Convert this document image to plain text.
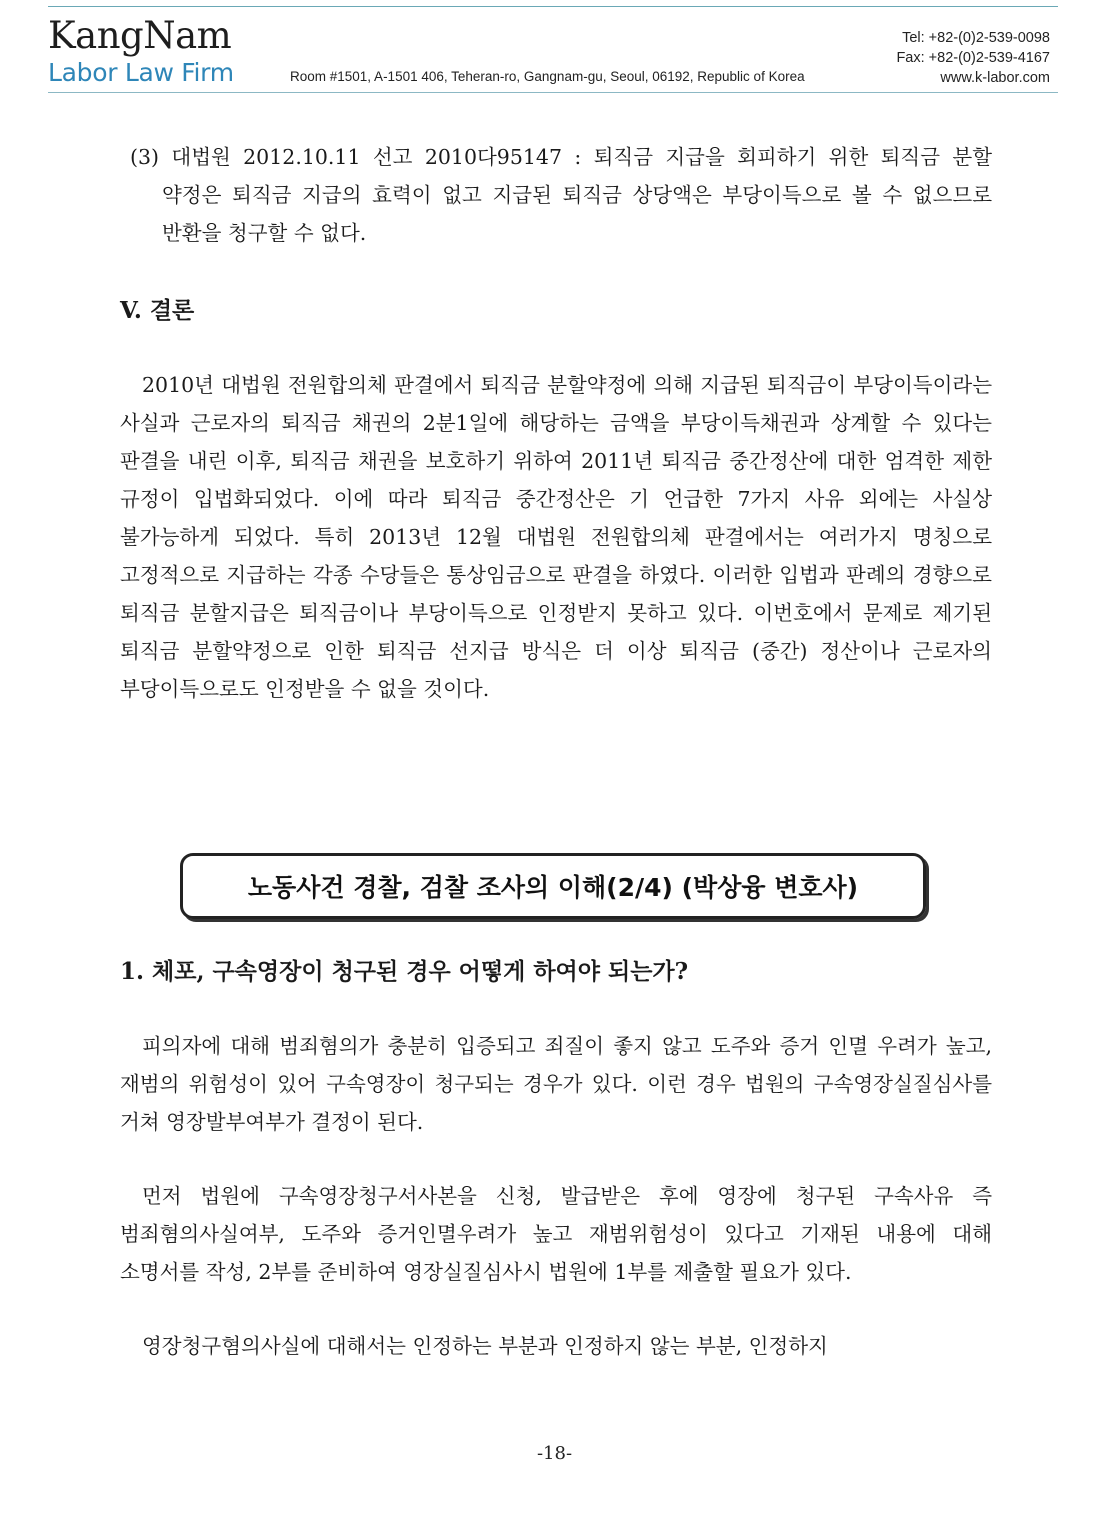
KangNam
Labor Law Firm	Room #1501, A-1501 406, Teheran-ro, Gangnam-gu, Seoul, 06192, Republic of Korea
Tel: +82-(0)2-539-0098
Fax: +82-(0)2-539-4167
www.k-labor.com

(3) 대법원 2012.10.11 선고 2010다95147 : 퇴직금 지급을 회피하기 위한 퇴직금 분할 약정은 퇴직금 지급의 효력이 없고 지급된 퇴직금 상당액은 부당이득으로 볼 수 없으므로 반환을 청구할 수 없다.

V. 결론

2010년 대법원 전원합의체 판결에서 퇴직금 분할약정에 의해 지급된 퇴직금이 부당이득이라는 사실과 근로자의 퇴직금 채권의 2분1일에 해당하는 금액을 부당이득채권과 상계할 수 있다는 판결을 내린 이후, 퇴직금 채권을 보호하기 위하여 2011년 퇴직금 중간정산에 대한 엄격한 제한 규정이 입법화되었다. 이에 따라 퇴직금 중간정산은 기 언급한 7가지 사유 외에는 사실상 불가능하게 되었다. 특히 2013년 12월 대법원 전원합의체 판결에서는 여러가지 명칭으로 고정적으로 지급하는 각종 수당들은 통상임금으로 판결을 하였다. 이러한 입법과 판례의 경향으로 퇴직금 분할지급은 퇴직금이나 부당이득으로 인정받지 못하고 있다. 이번호에서 문제로 제기된 퇴직금 분할약정으로 인한 퇴직금 선지급 방식은 더 이상 퇴직금 (중간) 정산이나 근로자의 부당이득으로도 인정받을 수 없을 것이다.

노동사건 경찰, 검찰 조사의 이해(2/4) (박상융 변호사)
1. 체포, 구속영장이 청구된 경우 어떻게 하여야 되는가?

피의자에 대해 범죄혐의가 충분히 입증되고 죄질이 좋지 않고 도주와 증거 인멸 우려가 높고, 재범의 위험성이 있어 구속영장이 청구되는 경우가 있다. 이런 경우 법원의 구속영장실질심사를 거쳐 영장발부여부가 결정이 된다.

먼저 법원에 구속영장청구서사본을 신청, 발급받은 후에 영장에 청구된 구속사유 즉 범죄혐의사실여부, 도주와 증거인멸우려가 높고 재범위험성이 있다고 기재된 내용에 대해 소명서를 작성, 2부를 준비하여 영장실질심사시 법원에 1부를 제출할 필요가 있다.

영장청구혐의사실에 대해서는 인정하는 부분과 인정하지 않는 부분, 인정하지

-18-
